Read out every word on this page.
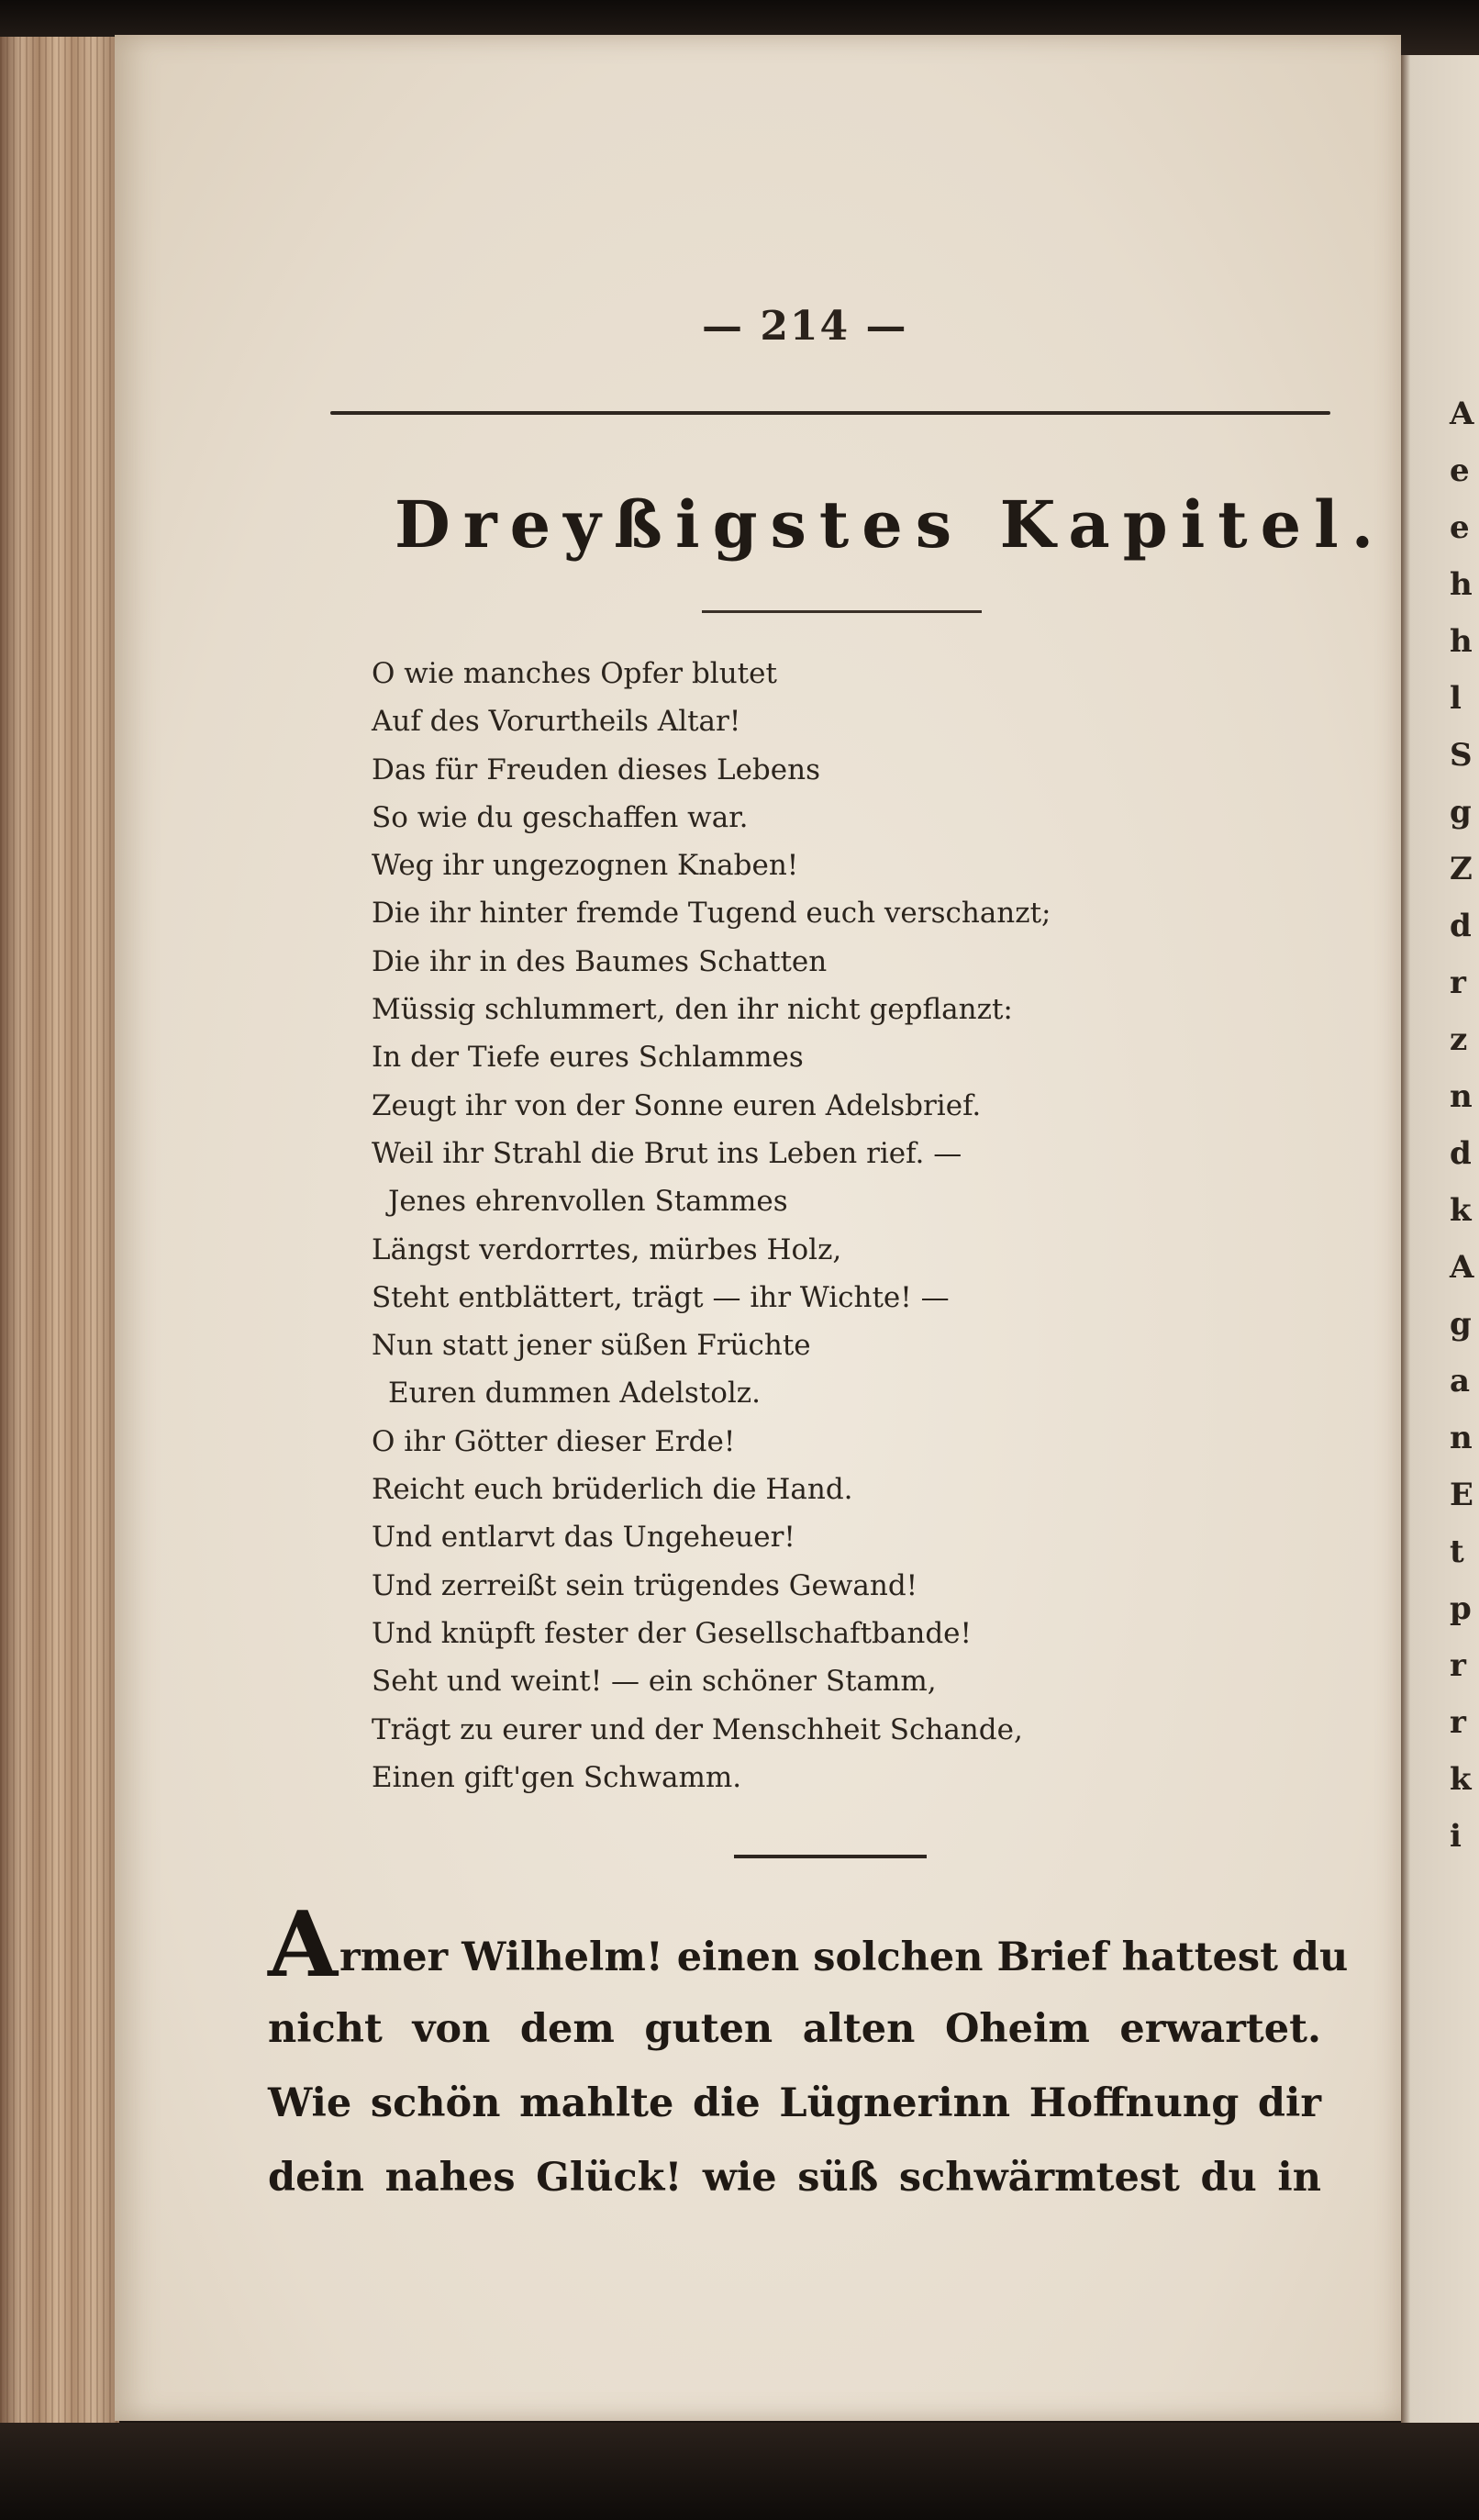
— 214 —
Dreyßigstes Kapitel.
O wie manches Opfer blutet
Auf des Vorurtheils Altar!
Das für Freuden dieses Lebens
So wie du geschaffen war.
Weg ihr ungezognen Knaben!
Die ihr hinter fremde Tugend euch verschanzt;
Die ihr in des Baumes Schatten
Müssig schlummert, den ihr nicht gepflanzt:
In der Tiefe eures Schlammes
Zeugt ihr von der Sonne euren Adelsbrief.
Weil ihr Strahl die Brut ins Leben rief. —
Jenes ehrenvollen Stammes
Längst verdorrtes, mürbes Holz,
Steht entblättert, trägt — ihr Wichte! —
Nun statt jener süßen Früchte
Euren dummen Adelstolz.
O ihr Götter dieser Erde!
Reicht euch brüderlich die Hand.
Und entlarvt das Ungeheuer!
Und zerreißt sein trügendes Gewand!
Und knüpft fester der Gesellschaftbande!
Seht und weint! — ein schöner Stamm,
Trägt zu eurer und der Menschheit Schande,
Einen gift'gen Schwamm.
Armer Wilhelm! einen solchen Brief hattest du
nicht von dem guten alten Oheim erwartet.
Wie schön mahlte die Lügnerinn Hoffnung dir
dein nahes Glück! wie süß schwärmtest du in
A
e
e
h
h
l
S
g
Z
d
r
z
n
d
k
A
g
a
n
E
t
p
r
r
k
i
